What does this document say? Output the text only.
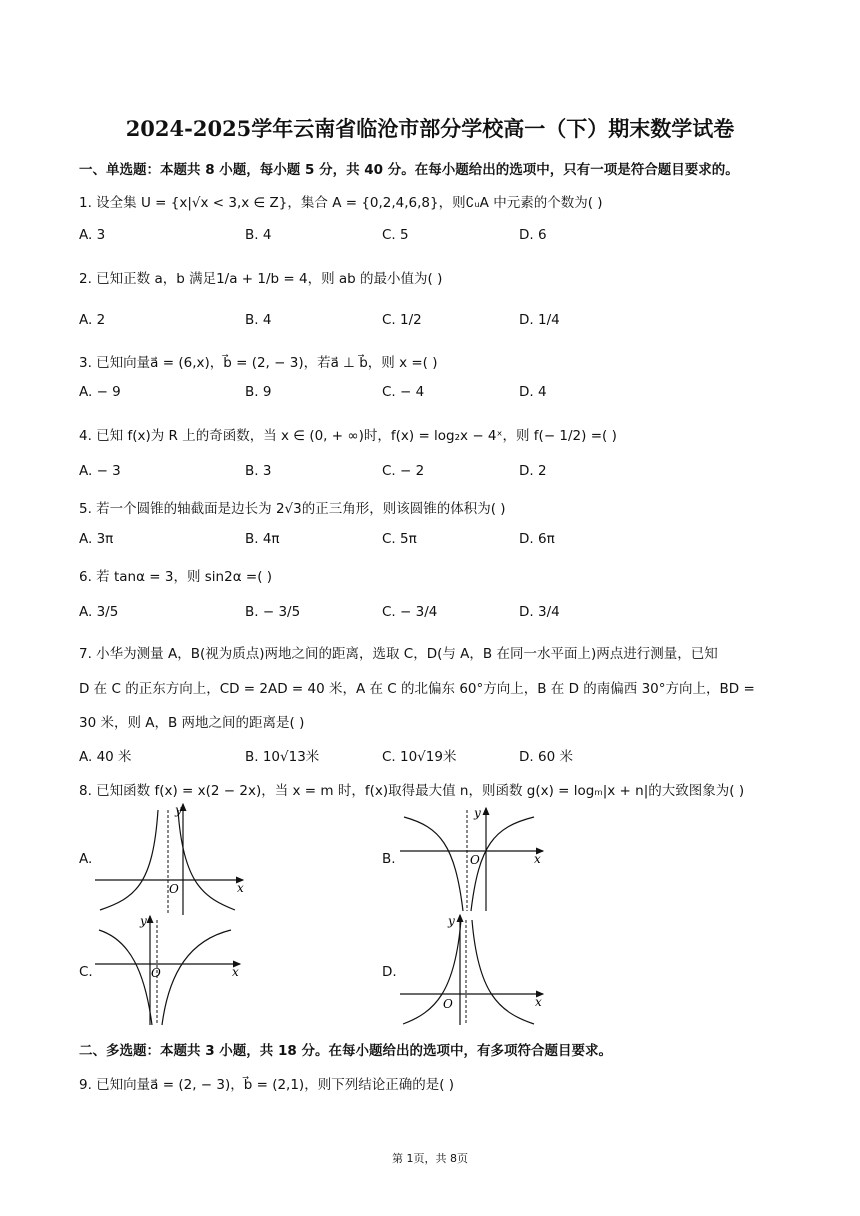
2024-2025学年云南省临沧市部分学校高一（下）期末数学试卷
一、单选题：本题共 8 小题，每小题 5 分，共 40 分。在每小题给出的选项中，只有一项是符合题目要求的。
1. 设全集 U = {x|√x < 3,x ∈ Z}，集合 A = {0,2,4,6,8}，则∁ᵤA 中元素的个数为( )
A. 3	B. 4	C. 5	D. 6
2. 已知正数 a，b 满足1/a + 1/b = 4，则 ab 的最小值为( )
A. 2	B. 4	C. 1/2	D. 1/4
3. 已知向量a⃗ = (6,x)，b⃗ = (2, − 3)，若a⃗ ⊥ b⃗，则 x =( )
A. − 9	B. 9	C. − 4	D. 4
4. 已知 f(x)为 R 上的奇函数，当 x ∈ (0, + ∞)时，f(x) = log₂x − 4ˣ，则 f(− 1/2) =( )
A. − 3	B. 3	C. − 2	D. 2
5. 若一个圆锥的轴截面是边长为 2√3的正三角形，则该圆锥的体积为( )
A. 3π	B. 4π	C. 5π	D. 6π
6. 若 tanα = 3，则 sin2α =( )
A. 3/5	B. − 3/5	C. − 3/4	D. 3/4
7. 小华为测量 A，B(视为质点)两地之间的距离，选取 C，D(与 A，B 在同一水平面上)两点进行测量，已知
D 在 C 的正东方向上，CD = 2AD = 40 米，A 在 C 的北偏东 60°方向上，B 在 D 的南偏西 30°方向上，BD =
30 米，则 A，B 两地之间的距离是( )
A. 40 米	B. 10√13米	C. 10√19米	D. 60 米
8. 已知函数 f(x) = x(2 − 2x)，当 x = m 时，f(x)取得最大值 n，则函数 g(x) = logₘ|x + n|的大致图象为( )
A.	B.
C.	D.
y
x
O
y
x
O
y
x
O
y
x
O
二、多选题：本题共 3 小题，共 18 分。在每小题给出的选项中，有多项符合题目要求。
9. 已知向量a⃗ = (2, − 3)，b⃗ = (2,1)，则下列结论正确的是( )
第 1页，共 8页
